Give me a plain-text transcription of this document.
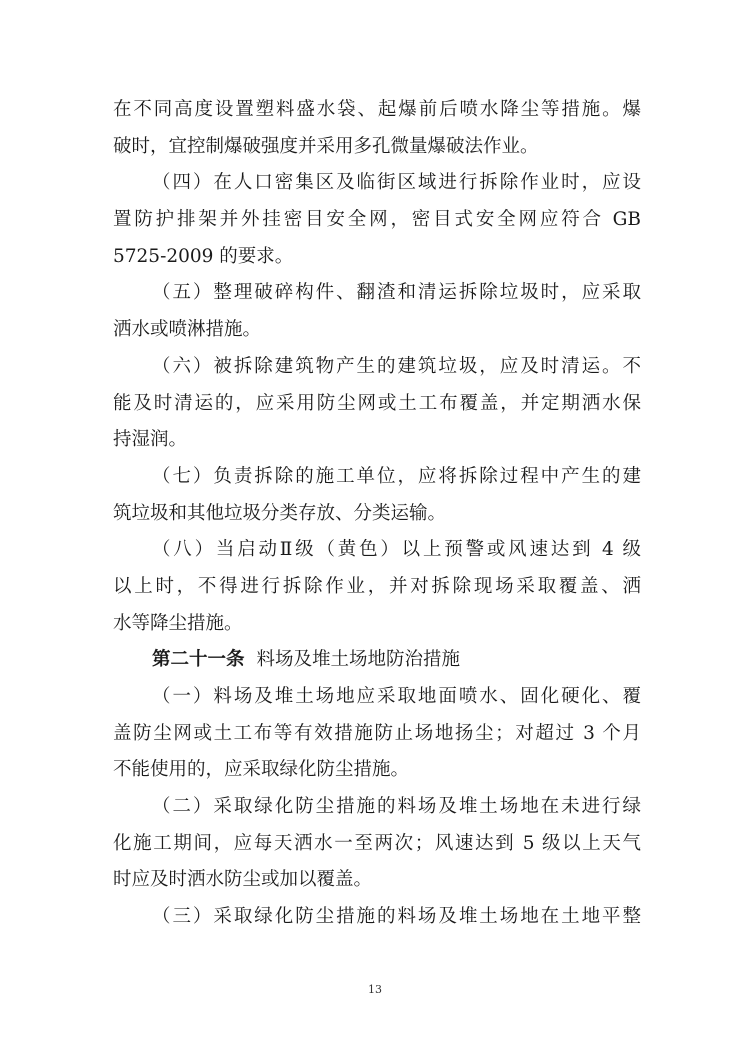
在不同高度设置塑料盛水袋、起爆前后喷水降尘等措施。爆
破时，宜控制爆破强度并采用多孔微量爆破法作业。
（四）在人口密集区及临街区域进行拆除作业时，应设
置防护排架并外挂密目安全网，密目式安全网应符合 GB
5725-2009 的要求。
（五）整理破碎构件、翻渣和清运拆除垃圾时，应采取
洒水或喷淋措施。
（六）被拆除建筑物产生的建筑垃圾，应及时清运。不
能及时清运的，应采用防尘网或土工布覆盖，并定期洒水保
持湿润。
（七）负责拆除的施工单位，应将拆除过程中产生的建
筑垃圾和其他垃圾分类存放、分类运输。
（八）当启动Ⅱ级（黄色）以上预警或风速达到 4 级
以上时，不得进行拆除作业，并对拆除现场采取覆盖、洒
水等降尘措施。
第二十一条 料场及堆土场地防治措施
（一）料场及堆土场地应采取地面喷水、固化硬化、覆
盖防尘网或土工布等有效措施防止场地扬尘；对超过 3 个月
不能使用的，应采取绿化防尘措施。
（二）采取绿化防尘措施的料场及堆土场地在未进行绿
化施工期间，应每天洒水一至两次；风速达到 5 级以上天气
时应及时洒水防尘或加以覆盖。
（三）采取绿化防尘措施的料场及堆土场地在土地平整
13
